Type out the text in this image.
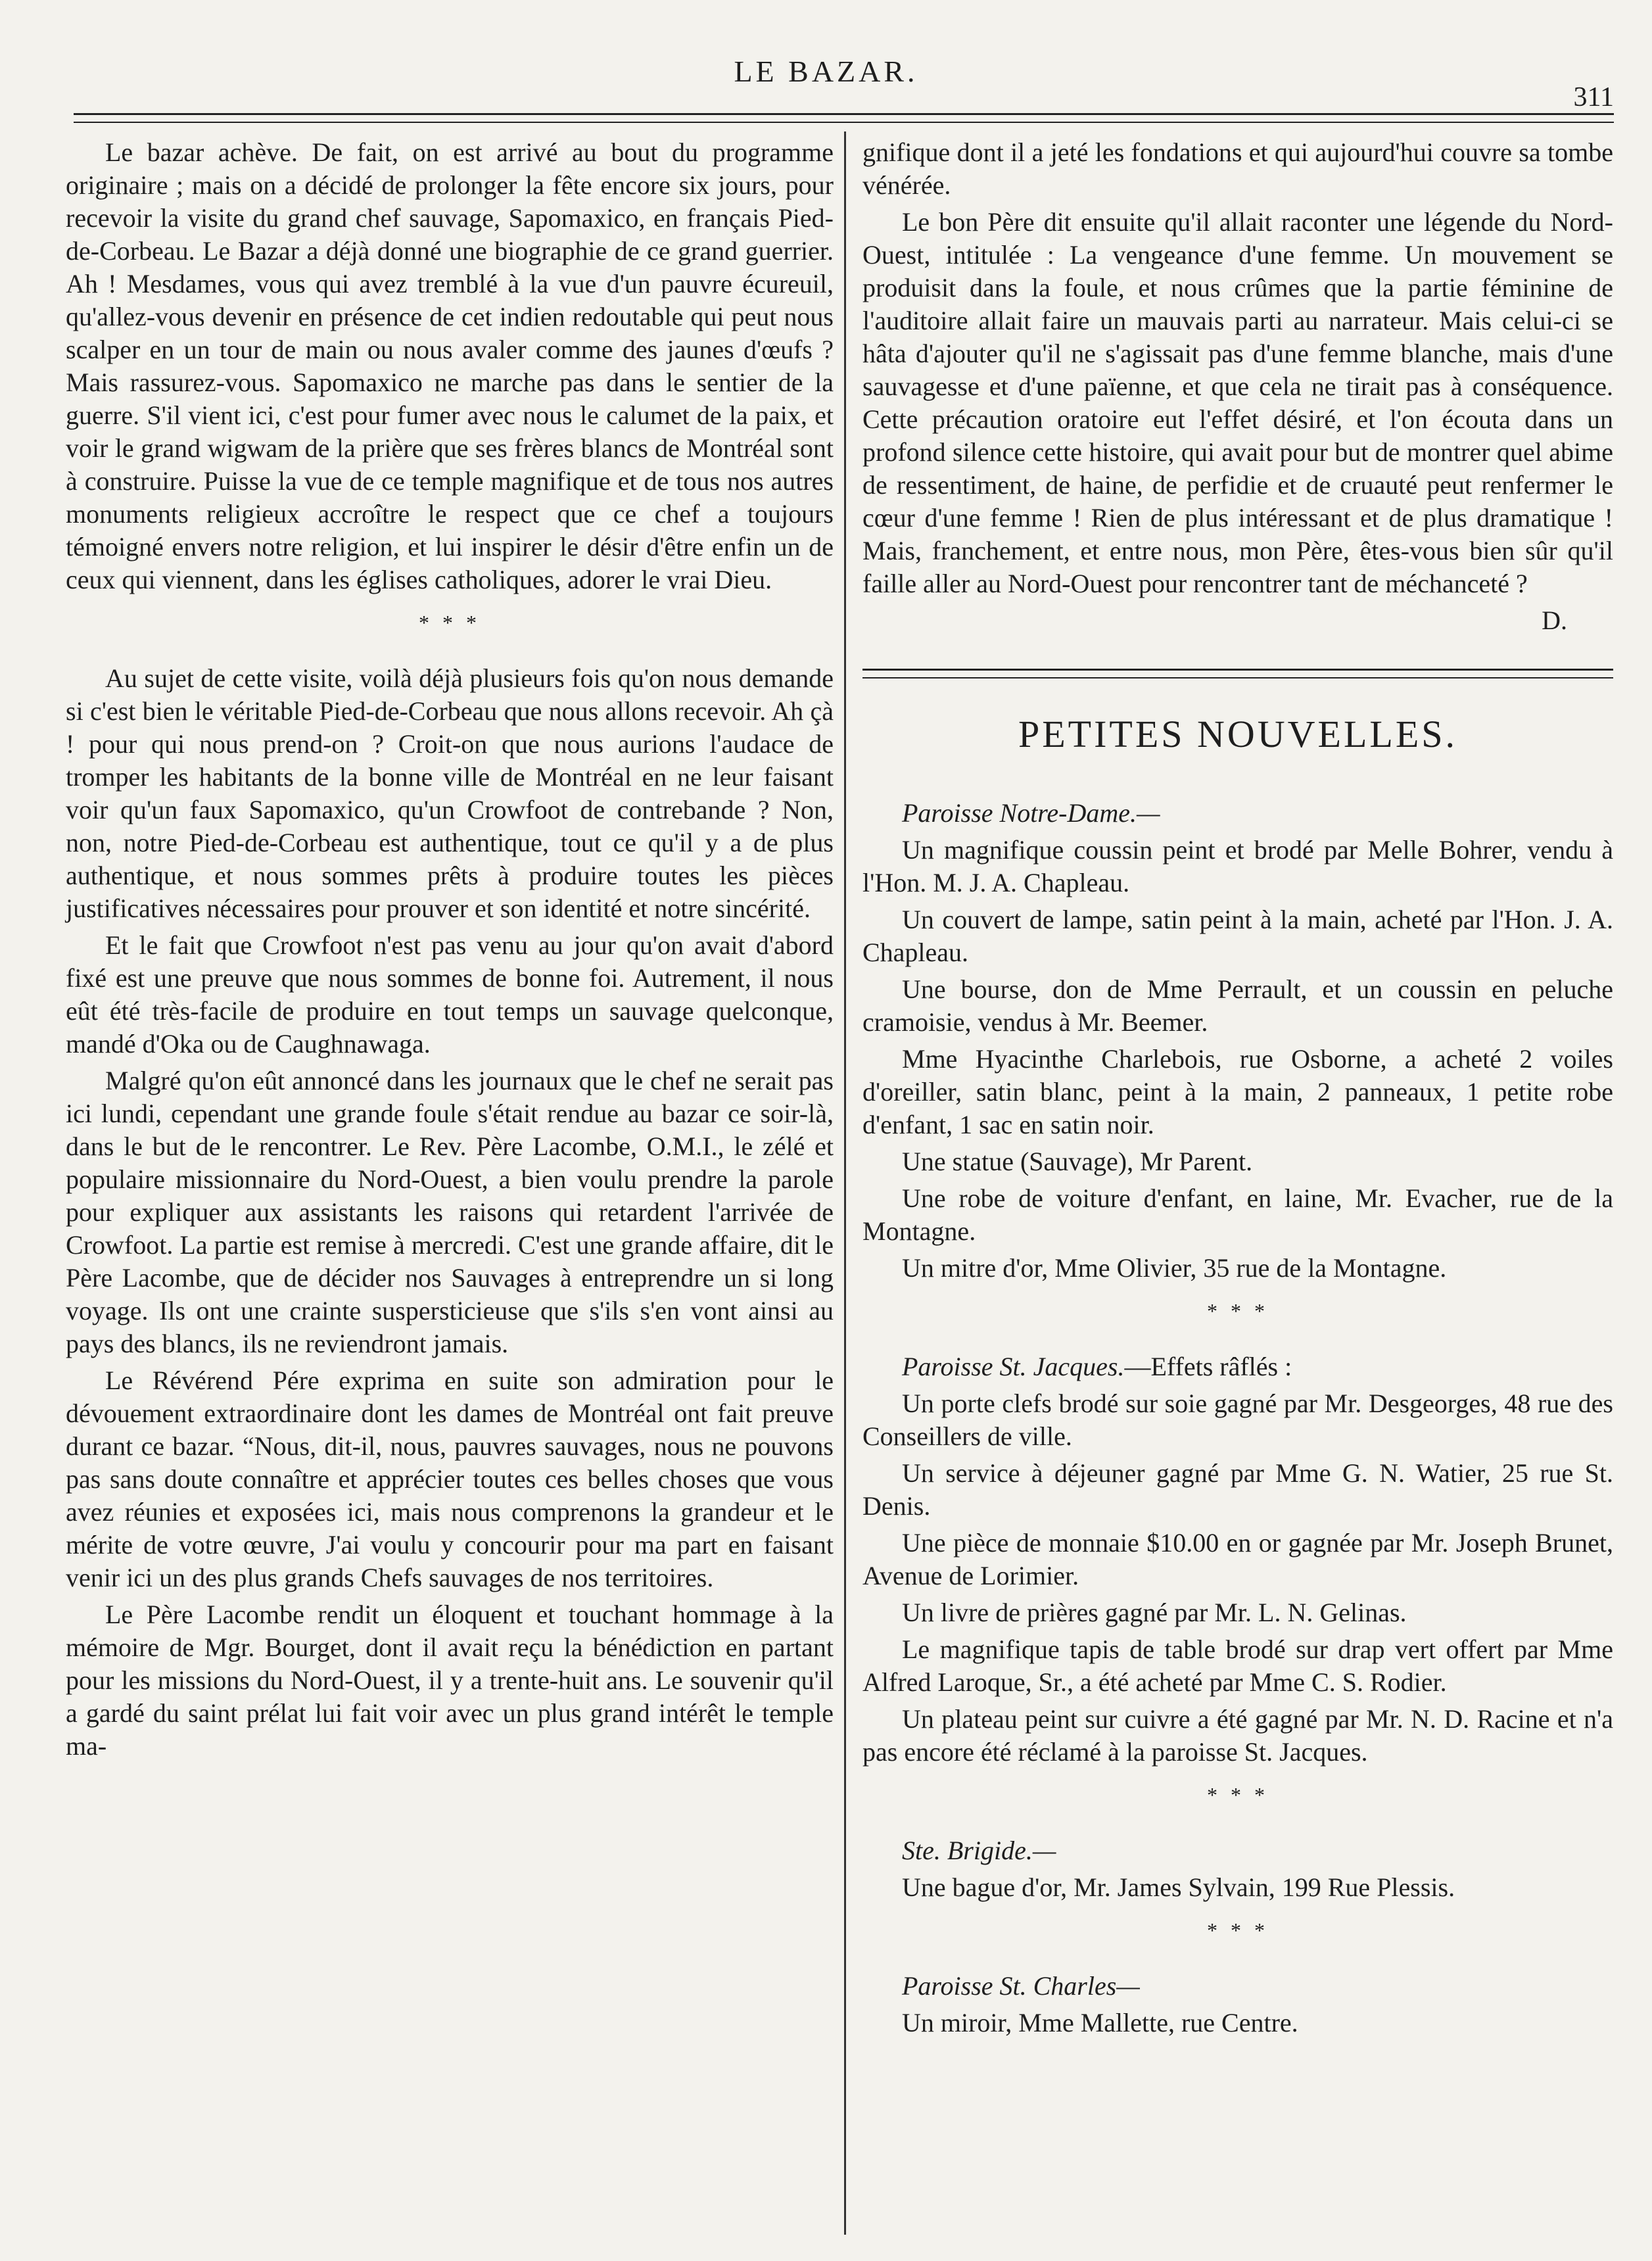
LE BAZAR.
311

Le bazar achève. De fait, on est arrivé au bout du programme originaire ; mais on a décidé de prolonger la fête encore six jours, pour recevoir la visite du grand chef sauvage, Sapomaxico, en français Pied-de-Corbeau. Le Bazar a déjà donné une biographie de ce grand guerrier. Ah ! Mesdames, vous qui avez tremblé à la vue d'un pauvre écureuil, qu'allez-vous devenir en présence de cet indien redoutable qui peut nous scalper en un tour de main ou nous avaler comme des jaunes d'œufs ? Mais rassurez-vous. Sapomaxico ne marche pas dans le sentier de la guerre. S'il vient ici, c'est pour fumer avec nous le calumet de la paix, et voir le grand wigwam de la prière que ses frères blancs de Montréal sont à construire. Puisse la vue de ce temple magnifique et de tous nos autres monuments religieux accroître le respect que ce chef a toujours témoigné envers notre religion, et lui inspirer le désir d'être enfin un de ceux qui viennent, dans les églises catholiques, adorer le vrai Dieu.

* * *

Au sujet de cette visite, voilà déjà plusieurs fois qu'on nous demande si c'est bien le véritable Pied-de-Corbeau que nous allons recevoir. Ah çà ! pour qui nous prend-on ? Croit-on que nous aurions l'audace de tromper les habitants de la bonne ville de Montréal en ne leur faisant voir qu'un faux Sapomaxico, qu'un Crowfoot de contrebande ? Non, non, notre Pied-de-Corbeau est authentique, tout ce qu'il y a de plus authentique, et nous sommes prêts à produire toutes les pièces justificatives nécessaires pour prouver et son identité et notre sincérité.

Et le fait que Crowfoot n'est pas venu au jour qu'on avait d'abord fixé est une preuve que nous sommes de bonne foi. Autrement, il nous eût été très-facile de produire en tout temps un sauvage quelconque, mandé d'Oka ou de Caughnawaga.

Malgré qu'on eût annoncé dans les journaux que le chef ne serait pas ici lundi, cependant une grande foule s'était rendue au bazar ce soir-là, dans le but de le rencontrer. Le Rev. Père Lacombe, O.M.I., le zélé et populaire missionnaire du Nord-Ouest, a bien voulu prendre la parole pour expliquer aux assistants les raisons qui retardent l'arrivée de Crowfoot. La partie est remise à mercredi. C'est une grande affaire, dit le Père Lacombe, que de décider nos Sauvages à entreprendre un si long voyage. Ils ont une crainte suspersticieuse que s'ils s'en vont ainsi au pays des blancs, ils ne reviendront jamais.

Le Révérend Pére exprima en suite son admiration pour le dévouement extraordinaire dont les dames de Montréal ont fait preuve durant ce bazar. “Nous, dit-il, nous, pauvres sauvages, nous ne pouvons pas sans doute connaître et apprécier toutes ces belles choses que vous avez réunies et exposées ici, mais nous comprenons la grandeur et le mérite de votre œuvre, J'ai voulu y concourir pour ma part en faisant venir ici un des plus grands Chefs sauvages de nos territoires.

Le Père Lacombe rendit un éloquent et touchant hommage à la mémoire de Mgr. Bourget, dont il avait reçu la bénédiction en partant pour les missions du Nord-Ouest, il y a trente-huit ans. Le souvenir qu'il a gardé du saint prélat lui fait voir avec un plus grand intérêt le temple ma-

gnifique dont il a jeté les fondations et qui aujourd'hui couvre sa tombe vénérée.

Le bon Père dit ensuite qu'il allait raconter une légende du Nord-Ouest, intitulée : La vengeance d'une femme. Un mouvement se produisit dans la foule, et nous crûmes que la partie féminine de l'auditoire allait faire un mauvais parti au narrateur. Mais celui-ci se hâta d'ajouter qu'il ne s'agissait pas d'une femme blanche, mais d'une sauvagesse et d'une païenne, et que cela ne tirait pas à conséquence. Cette précaution oratoire eut l'effet désiré, et l'on écouta dans un profond silence cette histoire, qui avait pour but de montrer quel abime de ressentiment, de haine, de perfidie et de cruauté peut renfermer le cœur d'une femme ! Rien de plus intéressant et de plus dramatique ! Mais, franchement, et entre nous, mon Père, êtes-vous bien sûr qu'il faille aller au Nord-Ouest pour rencontrer tant de méchanceté ?

D.
PETITES NOUVELLES.
Paroisse Notre-Dame.—

Un magnifique coussin peint et brodé par Melle Bohrer, vendu à l'Hon. M. J. A. Chapleau.

Un couvert de lampe, satin peint à la main, acheté par l'Hon. J. A. Chapleau.

Une bourse, don de Mme Perrault, et un coussin en peluche cramoisie, vendus à Mr. Beemer.

Mme Hyacinthe Charlebois, rue Osborne, a acheté 2 voiles d'oreiller, satin blanc, peint à la main, 2 panneaux, 1 petite robe d'enfant, 1 sac en satin noir.

Une statue (Sauvage), Mr Parent.

Une robe de voiture d'enfant, en laine, Mr. Evacher, rue de la Montagne.

Un mitre d'or, Mme Olivier, 35 rue de la Montagne.

* * *
Paroisse St. Jacques.—Effets râflés :

Un porte clefs brodé sur soie gagné par Mr. Desgeorges, 48 rue des Conseillers de ville.

Un service à déjeuner gagné par Mme G. N. Watier, 25 rue St. Denis.

Une pièce de monnaie $10.00 en or gagnée par Mr. Joseph Brunet, Avenue de Lorimier.

Un livre de prières gagné par Mr. L. N. Gelinas.

Le magnifique tapis de table brodé sur drap vert offert par Mme Alfred Laroque, Sr., a été acheté par Mme C. S. Rodier.

Un plateau peint sur cuivre a été gagné par Mr. N. D. Racine et n'a pas encore été réclamé à la paroisse St. Jacques.

* * *
Ste. Brigide.—

Une bague d'or, Mr. James Sylvain, 199 Rue Plessis.

* * *
Paroisse St. Charles—

Un miroir, Mme Mallette, rue Centre.
